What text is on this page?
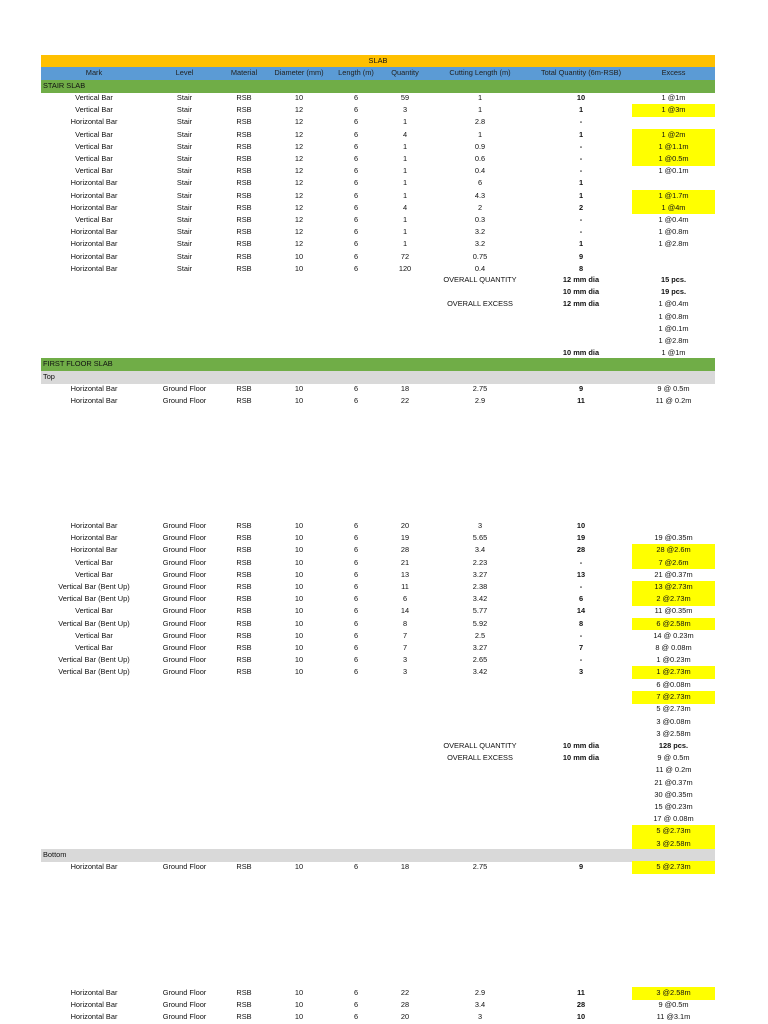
SLAB
Mark	Level	Material	Diameter (mm)	Length (m)	Quantity	Cutting Length (m)	Total Quantity (6m-RSB)	Excess
STAIR SLAB
Vertical Bar	Stair	RSB	10	6	59	1	10	1 @1m
Vertical Bar	Stair	RSB	12	6	3	1	1	1 @3m
Horizontal Bar	Stair	RSB	12	6	1	2.8	-
Vertical Bar	Stair	RSB	12	6	4	1	1	1 @2m
Vertical Bar	Stair	RSB	12	6	1	0.9	-	1 @1.1m
Vertical Bar	Stair	RSB	12	6	1	0.6	-	1 @0.5m
Vertical Bar	Stair	RSB	12	6	1	0.4	-	1 @0.1m
Horizontal Bar	Stair	RSB	12	6	1	6	1
Horizontal Bar	Stair	RSB	12	6	1	4.3	1	1 @1.7m
Horizontal Bar	Stair	RSB	12	6	4	2	2	1 @4m
Vertical Bar	Stair	RSB	12	6	1	0.3	-	1 @0.4m
Horizontal Bar	Stair	RSB	12	6	1	3.2	-	1 @0.8m
Horizontal Bar	Stair	RSB	12	6	1	3.2	1	1 @2.8m
Horizontal Bar	Stair	RSB	10	6	72	0.75	9
Horizontal Bar	Stair	RSB	10	6	120	0.4	8
OVERALL QUANTITY	12 mm dia	15 pcs.
10 mm dia	19 pcs.
OVERALL EXCESS	12 mm dia	1 @0.4m
1 @0.8m
1 @0.1m
1 @2.8m
10 mm dia	1 @1m
FIRST FLOOR SLAB
Top
Horizontal Bar	Ground Floor	RSB	10	6	18	2.75	9	9 @ 0.5m
Horizontal Bar	Ground Floor	RSB	10	6	22	2.9	11	11 @ 0.2m
Horizontal Bar	Ground Floor	RSB	10	6	20	3	10
Horizontal Bar	Ground Floor	RSB	10	6	19	5.65	19	19 @0.35m
Horizontal Bar	Ground Floor	RSB	10	6	28	3.4	28	28 @2.6m
Vertical Bar	Ground Floor	RSB	10	6	21	2.23	-	7 @2.6m
Vertical Bar	Ground Floor	RSB	10	6	13	3.27	13	21 @0.37m
Vertical Bar (Bent Up)	Ground Floor	RSB	10	6	11	2.38	-	13 @2.73m
Vertical Bar (Bent Up)	Ground Floor	RSB	10	6	6	3.42	6	2 @2.73m
Vertical Bar	Ground Floor	RSB	10	6	14	5.77	14	11 @0.35m
Vertical Bar (Bent Up)	Ground Floor	RSB	10	6	8	5.92	8	6 @2.58m
Vertical Bar	Ground Floor	RSB	10	6	7	2.5	-	14 @ 0.23m
Vertical Bar	Ground Floor	RSB	10	6	7	3.27	7	8 @ 0.08m
Vertical Bar (Bent Up)	Ground Floor	RSB	10	6	3	2.65	-	1 @0.23m
Vertical Bar (Bent Up)	Ground Floor	RSB	10	6	3	3.42	3	1 @2.73m
6 @0.08m
7 @2.73m
5 @2.73m
3 @0.08m
3 @2.58m
OVERALL QUANTITY	10 mm dia	128 pcs.
OVERALL EXCESS	10 mm dia	9 @ 0.5m
11 @ 0.2m
21 @0.37m
30 @0.35m
15 @0.23m
17 @ 0.08m
5 @2.73m
3 @2.58m
Bottom
Horizontal Bar	Ground Floor	RSB	10	6	18	2.75	9	5 @2.73m
Horizontal Bar	Ground Floor	RSB	10	6	22	2.9	11	3 @2.58m
Horizontal Bar	Ground Floor	RSB	10	6	28	3.4	28	9 @0.5m
Horizontal Bar	Ground Floor	RSB	10	6	20	3	10	11 @3.1m
